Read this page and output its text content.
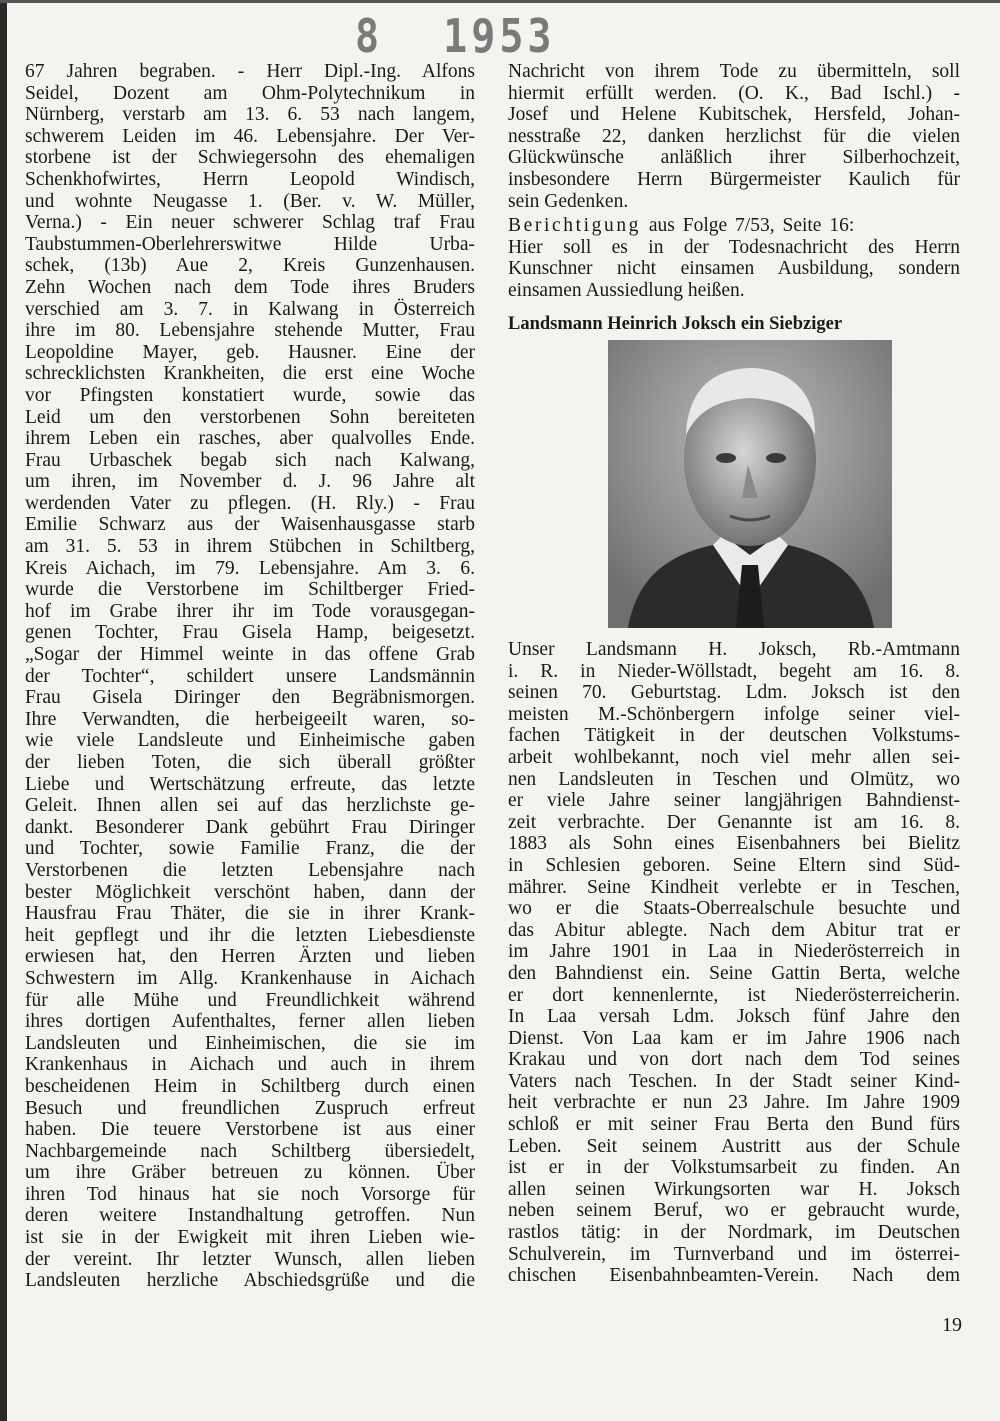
8 1953
67 Jahren begraben. - Herr Dipl.-Ing. Alfons
Seidel, Dozent am Ohm-Polytechnikum in
Nürnberg, verstarb am 13. 6. 53 nach langem,
schwerem Leiden im 46. Lebensjahre. Der Ver-
storbene ist der Schwiegersohn des ehemaligen
Schenkhofwirtes, Herrn Leopold Windisch,
und wohnte Neugasse 1. (Ber. v. W. Müller,
Verna.) - Ein neuer schwerer Schlag traf Frau
Taubstummen-Oberlehrerswitwe Hilde Urba-
schek, (13b) Aue 2, Kreis Gunzenhausen.
Zehn Wochen nach dem Tode ihres Bruders
verschied am 3. 7. in Kalwang in Österreich
ihre im 80. Lebensjahre stehende Mutter, Frau
Leopoldine Mayer, geb. Hausner. Eine der
schrecklichsten Krankheiten, die erst eine Woche
vor Pfingsten konstatiert wurde, sowie das
Leid um den verstorbenen Sohn bereiteten
ihrem Leben ein rasches, aber qualvolles Ende.
Frau Urbaschek begab sich nach Kalwang,
um ihren, im November d. J. 96 Jahre alt
werdenden Vater zu pflegen. (H. Rly.) - Frau
Emilie Schwarz aus der Waisenhausgasse starb
am 31. 5. 53 in ihrem Stübchen in Schiltberg,
Kreis Aichach, im 79. Lebensjahre. Am 3. 6.
wurde die Verstorbene im Schiltberger Fried-
hof im Grabe ihrer ihr im Tode vorausgegan-
genen Tochter, Frau Gisela Hamp, beigesetzt.
„Sogar der Himmel weinte in das offene Grab
der Tochter“, schildert unsere Landsmännin
Frau Gisela Diringer den Begräbnismorgen.
Ihre Verwandten, die herbeigeeilt waren, so-
wie viele Landsleute und Einheimische gaben
der lieben Toten, die sich überall größter
Liebe und Wertschätzung erfreute, das letzte
Geleit. Ihnen allen sei auf das herzlichste ge-
dankt. Besonderer Dank gebührt Frau Diringer
und Tochter, sowie Familie Franz, die der
Verstorbenen die letzten Lebensjahre nach
bester Möglichkeit verschönt haben, dann der
Hausfrau Frau Thäter, die sie in ihrer Krank-
heit gepflegt und ihr die letzten Liebesdienste
erwiesen hat, den Herren Ärzten und lieben
Schwestern im Allg. Krankenhause in Aichach
für alle Mühe und Freundlichkeit während
ihres dortigen Aufenthaltes, ferner allen lieben
Landsleuten und Einheimischen, die sie im
Krankenhaus in Aichach und auch in ihrem
bescheidenen Heim in Schiltberg durch einen
Besuch und freundlichen Zuspruch erfreut
haben. Die teuere Verstorbene ist aus einer
Nachbargemeinde nach Schiltberg übersiedelt,
um ihre Gräber betreuen zu können. Über
ihren Tod hinaus hat sie noch Vorsorge für
deren weitere Instandhaltung getroffen. Nun
ist sie in der Ewigkeit mit ihren Lieben wie-
der vereint. Ihr letzter Wunsch, allen lieben
Landsleuten herzliche Abschiedsgrüße und die
Nachricht von ihrem Tode zu übermitteln, soll
hiermit erfüllt werden. (O. K., Bad Ischl.) -
Josef und Helene Kubitschek, Hersfeld, Johan-
nesstraße 22, danken herzlichst für die vielen
Glückwünsche anläßlich ihrer Silberhochzeit,
insbesondere Herrn Bürgermeister Kaulich für
sein Gedenken.
Berichtigung aus Folge 7/53, Seite 16:
Hier soll es in der Todesnachricht des Herrn
Kunschner nicht einsamen Ausbildung, sondern
einsamen Aussiedlung heißen.
Landsmann Heinrich Joksch ein Siebziger
Unser Landsmann H. Joksch, Rb.-Amtmann
i. R. in Nieder-Wöllstadt, begeht am 16. 8.
seinen 70. Geburtstag. Ldm. Joksch ist den
meisten M.-Schönbergern infolge seiner viel-
fachen Tätigkeit in der deutschen Volkstums-
arbeit wohlbekannt, noch viel mehr allen sei-
nen Landsleuten in Teschen und Olmütz, wo
er viele Jahre seiner langjährigen Bahndienst-
zeit verbrachte. Der Genannte ist am 16. 8.
1883 als Sohn eines Eisenbahners bei Bielitz
in Schlesien geboren. Seine Eltern sind Süd-
mährer. Seine Kindheit verlebte er in Teschen,
wo er die Staats-Oberrealschule besuchte und
das Abitur ablegte. Nach dem Abitur trat er
im Jahre 1901 in Laa in Niederösterreich in
den Bahndienst ein. Seine Gattin Berta, welche
er dort kennenlernte, ist Niederösterreicherin.
In Laa versah Ldm. Joksch fünf Jahre den
Dienst. Von Laa kam er im Jahre 1906 nach
Krakau und von dort nach dem Tod seines
Vaters nach Teschen. In der Stadt seiner Kind-
heit verbrachte er nun 23 Jahre. Im Jahre 1909
schloß er mit seiner Frau Berta den Bund fürs
Leben. Seit seinem Austritt aus der Schule
ist er in der Volkstumsarbeit zu finden. An
allen seinen Wirkungsorten war H. Joksch
neben seinem Beruf, wo er gebraucht wurde,
rastlos tätig: in der Nordmark, im Deutschen
Schulverein, im Turnverband und im österrei-
chischen Eisenbahnbeamten-Verein. Nach dem
19
